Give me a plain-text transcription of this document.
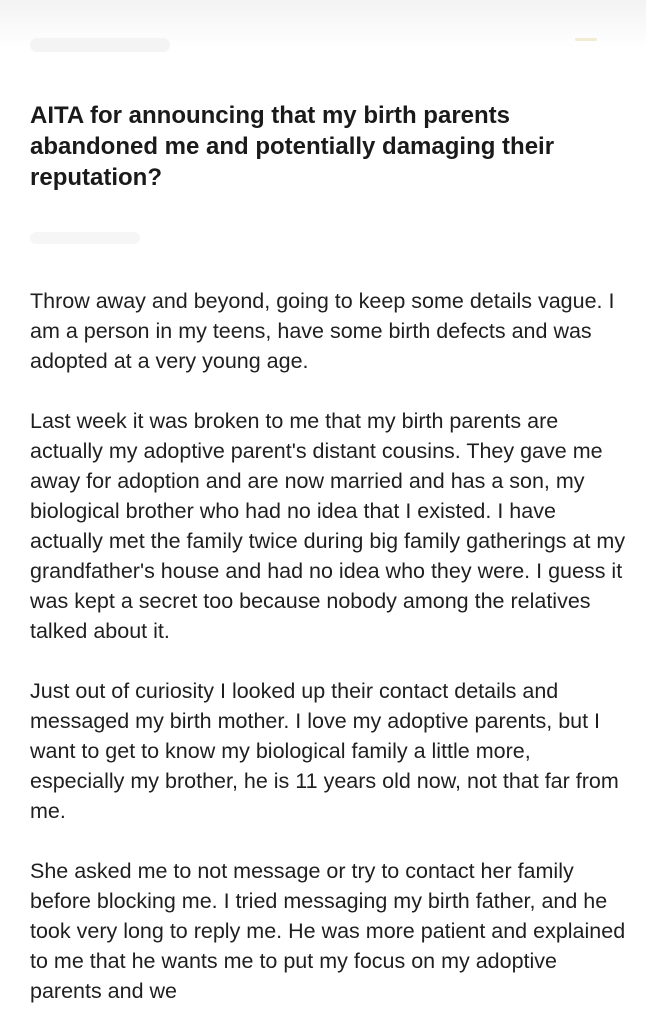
AITA for announcing that my birth parents abandoned me and potentially damaging their reputation?

Throw away and beyond, going to keep some details vague. I am a person in my teens, have some birth defects and was adopted at a very young age.

Last week it was broken to me that my birth parents are actually my adoptive parent's distant cousins. They gave me away for adoption and are now married and has a son, my biological brother who had no idea that I existed. I have actually met the family twice during big family gatherings at my grandfather's house and had no idea who they were. I guess it was kept a secret too because nobody among the relatives talked about it.

Just out of curiosity I looked up their contact details and messaged my birth mother. I love my adoptive parents, but I want to get to know my biological family a little more, especially my brother, he is 11 years old now, not that far from me.

She asked me to not message or try to contact her family before blocking me. I tried messaging my birth father, and he took very long to reply me. He was more patient and explained to me that he wants me to put my focus on my adoptive parents and we
